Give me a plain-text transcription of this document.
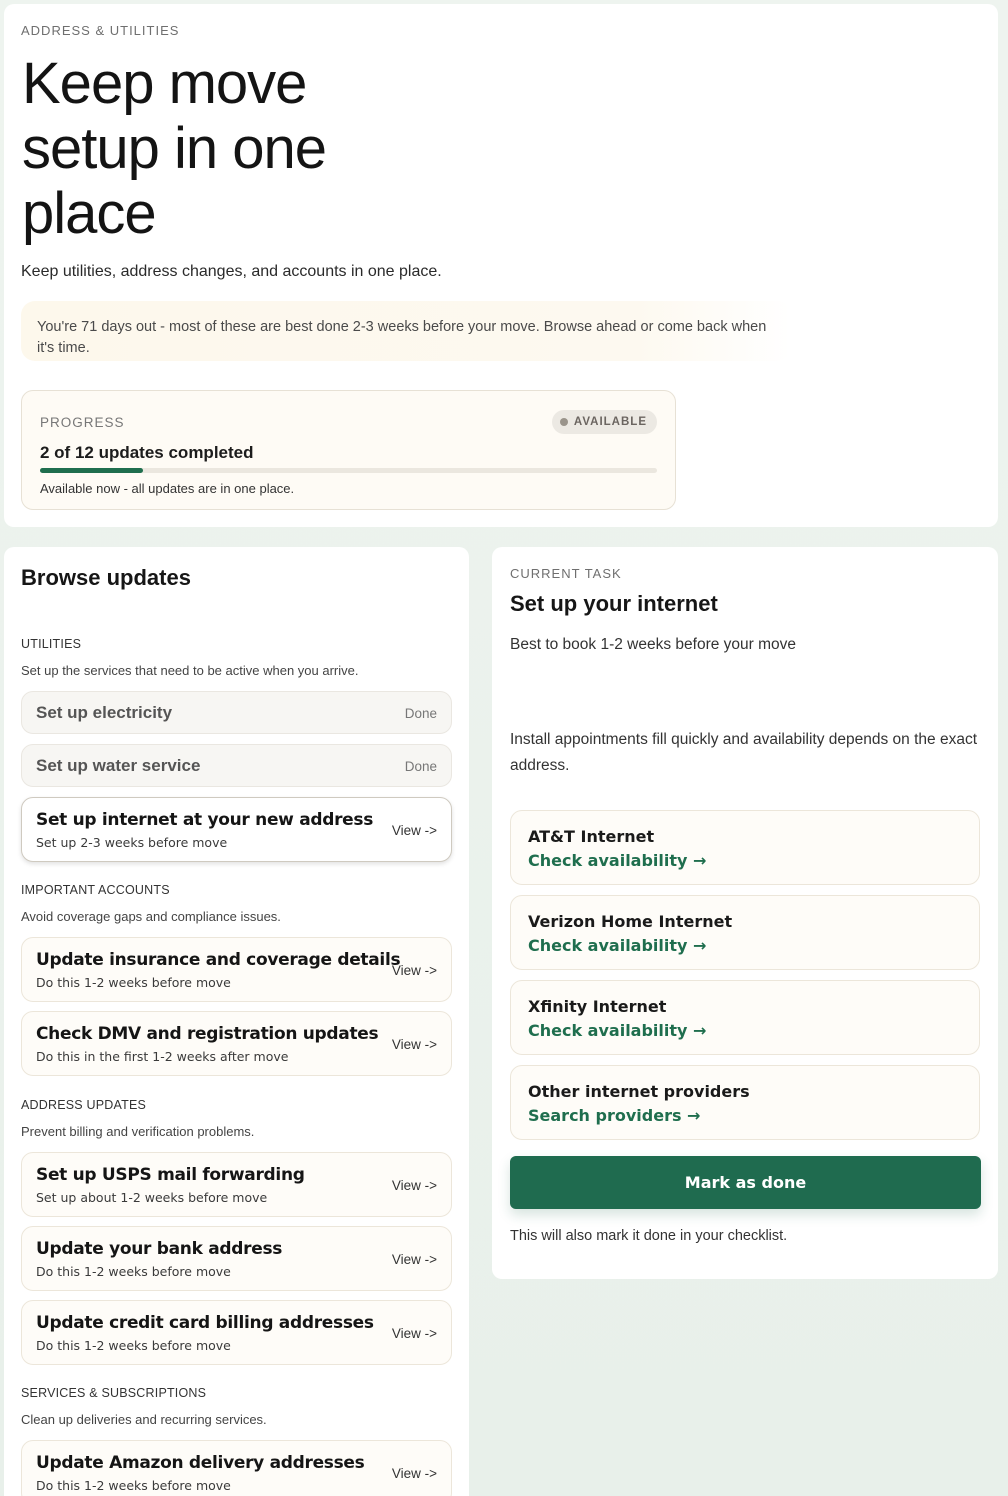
ADDRESS & UTILITIES
Keep move setup in one place

Keep utilities, address changes, and accounts in one place.

You're 71 days out - most of these are best done 2-3 weeks before your move. Browse ahead or come back when it's time.
PROGRESS	AVAILABLE
2 of 12 updates completed
Available now - all updates are in one place.
Browse updates
UTILITIES
Set up the services that need to be active when you arrive.
Set up electricity	Done
Set up water service	Done
Set up internet at your new address
Set up 2-3 weeks before move
View ->
IMPORTANT ACCOUNTS
Avoid coverage gaps and compliance issues.
Update insurance and coverage details
Do this 1-2 weeks before move
View ->
Check DMV and registration updates
Do this in the first 1-2 weeks after move
View ->
ADDRESS UPDATES
Prevent billing and verification problems.
Set up USPS mail forwarding
Set up about 1-2 weeks before move
View ->
Update your bank address
Do this 1-2 weeks before move
View ->
Update credit card billing addresses
Do this 1-2 weeks before move
View ->
SERVICES & SUBSCRIPTIONS
Clean up deliveries and recurring services.
Update Amazon delivery addresses
Do this 1-2 weeks before move
View ->
CURRENT TASK
Set up your internet

Best to book 1-2 weeks before your move

Install appointments fill quickly and availability depends on the exact address.

AT&T Internet
Check availability →
Verizon Home Internet
Check availability →
Xfinity Internet
Check availability →
Other internet providers
Search providers →
Mark as done

This will also mark it done in your checklist.
